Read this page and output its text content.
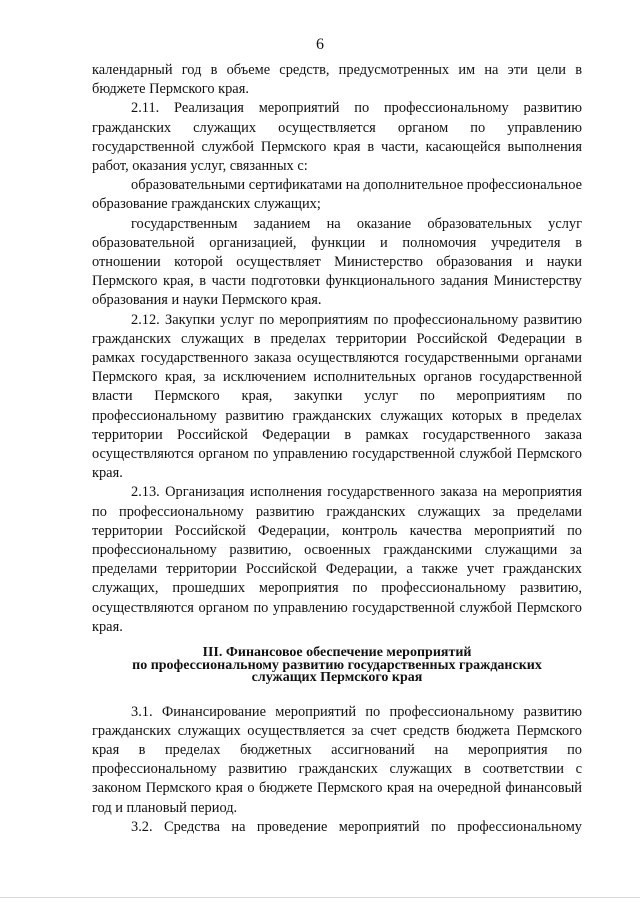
6

календарный год в объеме средств, предусмотренных им на эти цели в бюджете Пермского края.

2.11. Реализация мероприятий по профессиональному развитию гражданских служащих осуществляется органом по управлению государственной службой Пермского края в части, касающейся выполнения работ, оказания услуг, связанных с:

образовательными сертификатами на дополнительное профессиональное образование гражданских служащих;

государственным заданием на оказание образовательных услуг образовательной организацией, функции и полномочия учредителя в отношении которой осуществляет Министерство образования и науки Пермского края, в части подготовки функционального задания Министерству образования и науки Пермского края.

2.12. Закупки услуг по мероприятиям по профессиональному развитию гражданских служащих в пределах территории Российской Федерации в рамках государственного заказа осуществляются государственными органами Пермского края, за исключением исполнительных органов государственной власти Пермского края, закупки услуг по мероприятиям по профессиональному развитию гражданских служащих которых в пределах территории Российской Федерации в рамках государственного заказа осуществляются органом по управлению государственной службой Пермского края.

2.13. Организация исполнения государственного заказа на мероприятия по профессиональному развитию гражданских служащих за пределами территории Российской Федерации, контроль качества мероприятий по профессиональному развитию, освоенных гражданскими служащими за пределами территории Российской Федерации, а также учет гражданских служащих, прошедших мероприятия по профессиональному развитию, осуществляются органом по управлению государственной службой Пермского края.

III. Финансовое обеспечение мероприятий
по профессиональному развитию государственных гражданских
служащих Пермского края

3.1. Финансирование мероприятий по профессиональному развитию гражданских служащих осуществляется за счет средств бюджета Пермского края в пределах бюджетных ассигнований на мероприятия по профессиональному развитию гражданских служащих в соответствии с законом Пермского края о бюджете Пермского края на очередной финансовый год и плановый период.

3.2. Средства на проведение мероприятий по профессиональному
